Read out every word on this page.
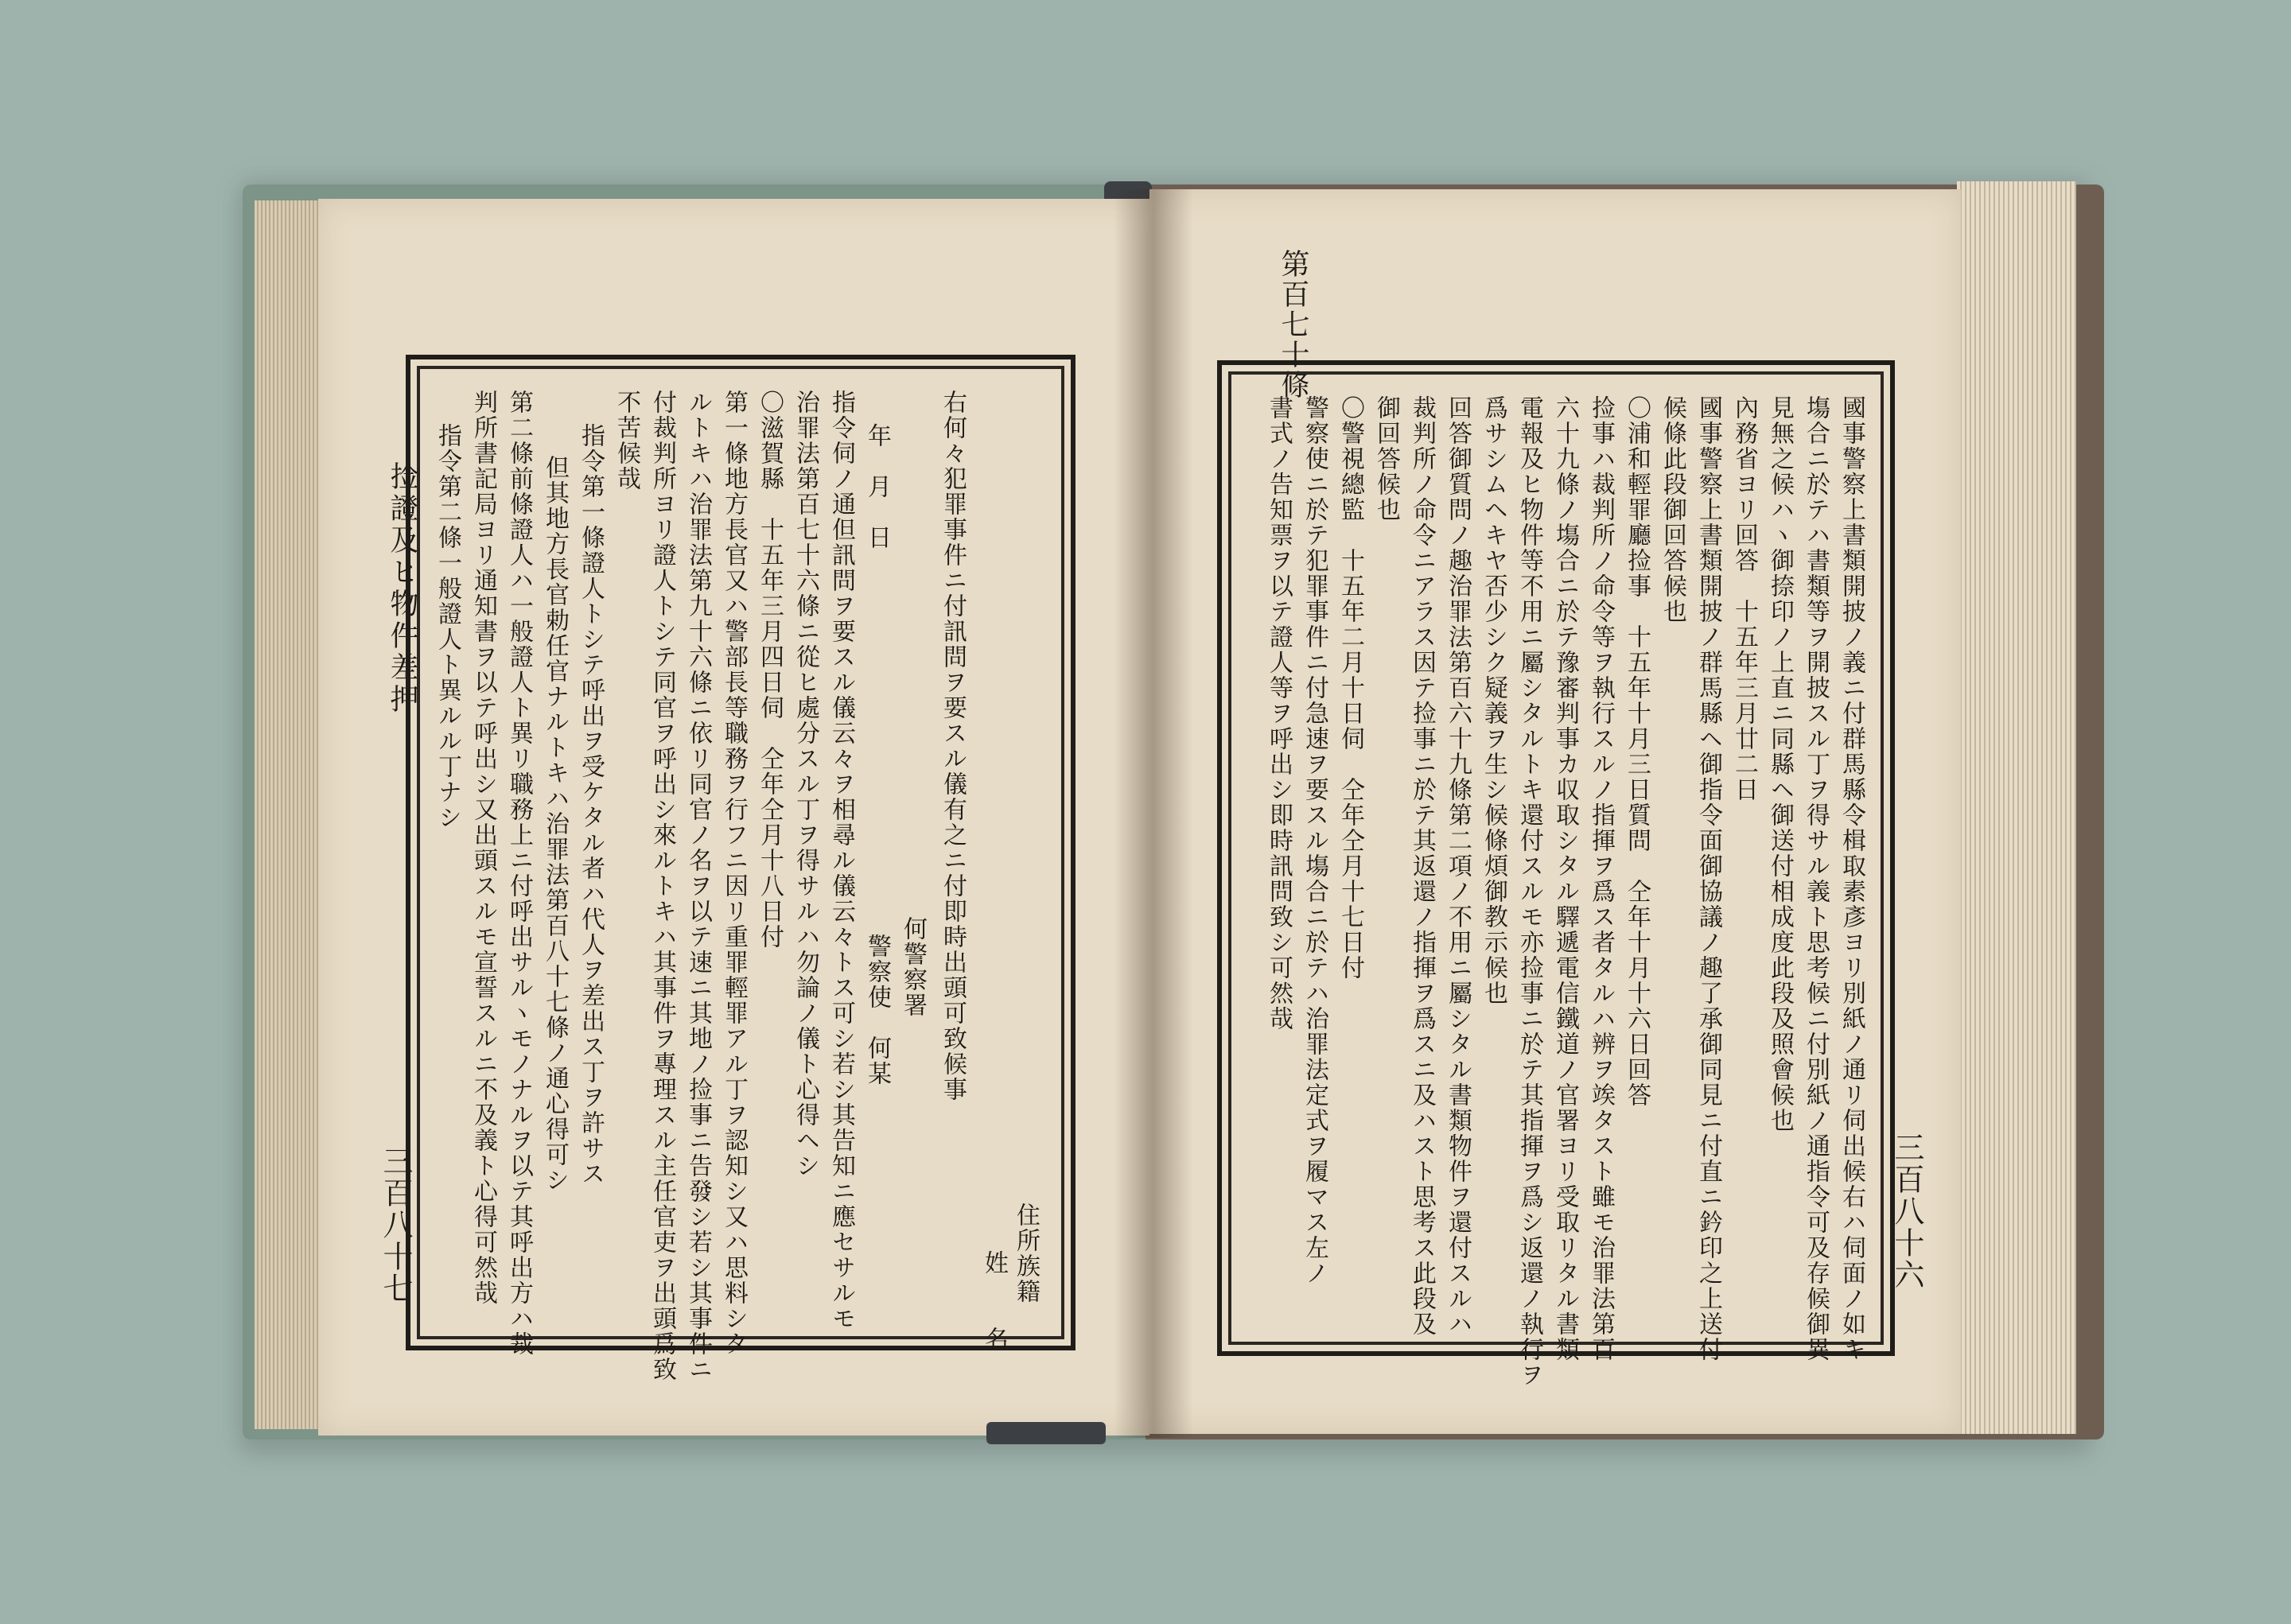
捡證及ヒ物件差押
三百八十七
第百七十條
三百八十六
住所族籍
姓　　名
右何々犯罪事件ニ付訊問ヲ要スル儀有之ニ付即時出頭可致候事
何警察署
警察使　何某
年　月　日
指令伺ノ通但訊問ヲ要スル儀云々ヲ相尋ル儀云々トス可シ若シ其告知ニ應セサルモ
治罪法第百七十六條ニ從ヒ處分スル丁ヲ得サルハ勿論ノ儀ト心得ヘシ
〇滋賀縣　十五年三月四日伺　仝年仝月十八日付
第一條地方長官又ハ警部長等職務ヲ行フニ因リ重罪輕罪アル丁ヲ認知シ又ハ思料シタ
ルトキハ治罪法第九十六條ニ依リ同官ノ名ヲ以テ速ニ其地ノ捡事ニ告發シ若シ其事件ニ
付裁判所ヨリ證人トシテ同官ヲ呼出シ來ルトキハ其事件ヲ專理スル主任官吏ヲ出頭爲致
不苦候哉
指令第一條證人トシテ呼出ヲ受ケタル者ハ代人ヲ差出ス丁ヲ許サス
但其地方長官勅任官ナルトキハ治罪法第百八十七條ノ通心得可シ
第二條前條證人ハ一般證人ト異リ職務上ニ付呼出サルヽモノナルヲ以テ其呼出方ハ裁
判所書記局ヨリ通知書ヲ以テ呼出シ又出頭スルモ宣誓スルニ不及義ト心得可然哉
指令第二條一般證人ト異ルル丁ナシ	國事警察上書類開披ノ義ニ付群馬縣令楫取素彥ヨリ別紙ノ通リ伺出候右ハ伺面ノ如キ
塲合ニ於テハ書類等ヲ開披スル丁ヲ得サル義ト思考候ニ付別紙ノ通指令可及存候御異
見無之候ハヽ御捺印ノ上直ニ同縣ヘ御送付相成度此段及照會候也
內務省ヨリ回答　十五年三月廿二日
國事警察上書類開披ノ群馬縣ヘ御指令面御協議ノ趣了承御同見ニ付直ニ鈐印之上送付
候條此段御回答候也
〇浦和輕罪廳捡事　十五年十月三日質問　仝年十月十六日回答
捡事ハ裁判所ノ命令等ヲ執行スルノ指揮ヲ爲ス者タルハ辨ヲ竢タスト雖モ治罪法第百
六十九條ノ塲合ニ於テ豫審判事カ収取シタル驛遞電信鐵道ノ官署ヨリ受取リタル書類
電報及ヒ物件等不用ニ屬シタルトキ還付スルモ亦捡事ニ於テ其指揮ヲ爲シ返還ノ執行ヲ
爲サシムヘキヤ否少シク疑義ヲ生シ候條煩御教示候也
回答御質問ノ趣治罪法第百六十九條第二項ノ不用ニ屬シタル書類物件ヲ還付スルハ
裁判所ノ命令ニアラス因テ捡事ニ於テ其返還ノ指揮ヲ爲スニ及ハスト思考ス此段及
御回答候也
〇警視總監　十五年二月十日伺　仝年仝月十七日付
警察使ニ於テ犯罪事件ニ付急速ヲ要スル塲合ニ於テハ治罪法定式ヲ履マス左ノ
書式ノ告知票ヲ以テ證人等ヲ呼出シ即時訊問致シ可然哉
